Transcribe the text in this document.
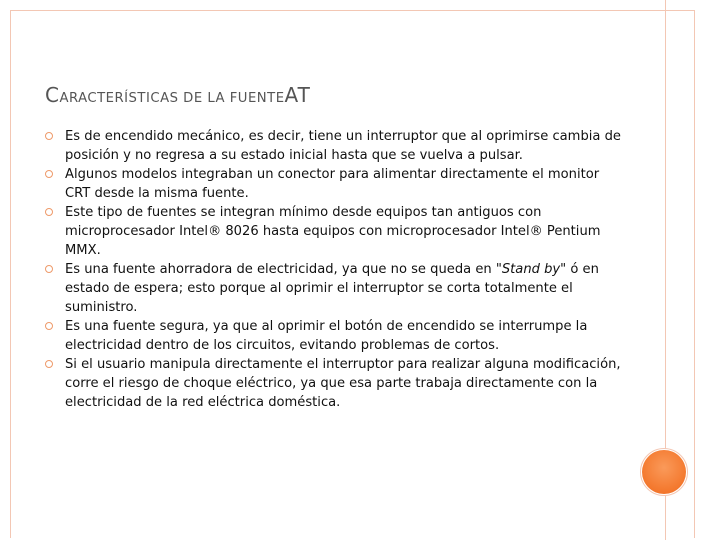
CARACTERÍSTICAS DE LA FUENTEAT
Es de encendido mecánico, es decir, tiene un interruptor que al oprimirse cambia de posición y no regresa a su estado inicial hasta que se vuelva a pulsar.
Algunos modelos integraban un conector para alimentar directamente el monitor CRT desde la misma fuente.
Este tipo de fuentes se integran mínimo desde equipos tan antiguos con microprocesador Intel® 8026 hasta equipos con microprocesador Intel® Pentium MMX.
Es una fuente ahorradora de electricidad, ya que no se queda en "Stand by" ó en estado de espera; esto porque al oprimir el interruptor se corta totalmente el suministro.
Es una fuente segura, ya que al oprimir el botón de encendido se interrumpe la electricidad dentro de los circuitos, evitando problemas de cortos.
Si el usuario manipula directamente el interruptor para realizar alguna modificación, corre el riesgo de choque eléctrico, ya que esa parte trabaja directamente con la electricidad de la red eléctrica doméstica.
